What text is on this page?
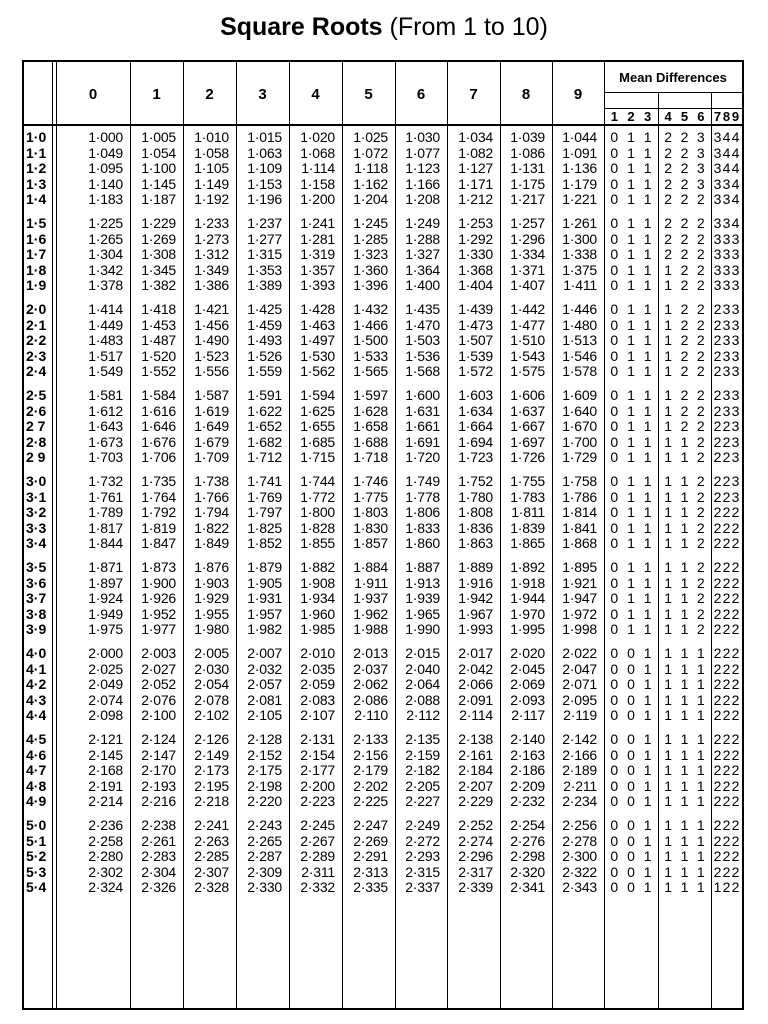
Square Roots (From 1 to 10)
0	1	2	3	4	5	6	7	8	9
Mean Differences
1 2 3	4 5 6 7 8 9
1·0	1·000	1·005	1·010	1·015	1·020	1·025	1·030	1·034	1·039	1·044 0 1 1 2 2 3 3 4 4
1·1	1·049	1·054	1·058	1·063	1·068	1·072	1·077	1·082	1·086	1·091 0 1 1 2 2 3 3 4 4
1·2	1·095	1·100	1·105	1·109	1·114	1·118	1·123	1·127	1·131	1·136 0 1 1 2 2 3 3 4 4
1·3	1·140	1·145	1·149	1·153	1·158	1·162	1·166	1·171	1·175	1·179 0 1 1 2 2 3 3 3 4
1·4	1·183	1·187	1·192	1·196	1·200	1·204	1·208	1·212	1·217	1·221 0 1 1 2 2 2 3 3 4
1·5	1·225	1·229	1·233	1·237	1·241	1·245	1·249	1·253	1·257	1·261 0 1 1 2 2 2 3 3 4
1·6	1·265	1·269	1·273	1·277	1·281	1·285	1·288	1·292	1·296	1·300 0 1 1 2 2 2 3 3 3
1·7	1·304	1·308	1·312	1·315	1·319	1·323	1·327	1·330	1·334	1·338 0 1 1 2 2 2 3 3 3
1·8	1·342	1·345	1·349	1·353	1·357	1·360	1·364	1·368	1·371	1·375 0 1 1 1 2 2 3 3 3
1·9	1·378	1·382	1·386	1·389	1·393	1·396	1·400	1·404	1·407	1·411 0 1 1 1 2 2 3 3 3
2·0	1·414	1·418	1·421	1·425	1·428	1·432	1·435	1·439	1·442	1·446 0 1 1 1 2 2 2 3 3
2·1	1·449	1·453	1·456	1·459	1·463	1·466	1·470	1·473	1·477	1·480 0 1 1 1 2 2 2 3 3
2·2	1·483	1·487	1·490	1·493	1·497	1·500	1·503	1·507	1·510	1·513 0 1 1 1 2 2 2 3 3
2·3	1·517	1·520	1·523	1·526	1·530	1·533	1·536	1·539	1·543	1·546 0 1 1 1 2 2 2 3 3
2·4	1·549	1·552	1·556	1·559	1·562	1·565	1·568	1·572	1·575	1·578 0 1 1 1 2 2 2 3 3
2·5	1·581	1·584	1·587	1·591	1·594	1·597	1·600	1·603	1·606	1·609 0 1 1 1 2 2 2 3 3
2·6	1·612	1·616	1·619	1·622	1·625	1·628	1·631	1·634	1·637	1·640 0 1 1 1 2 2 2 3 3
2 7	1·643	1·646	1·649	1·652	1·655	1·658	1·661	1·664	1·667	1·670 0 1 1 1 2 2 2 2 3
2·8	1·673	1·676	1·679	1·682	1·685	1·688	1·691	1·694	1·697	1·700 0 1 1 1 1 2 2 2 3
2 9	1·703	1·706	1·709	1·712	1·715	1·718	1·720	1·723	1·726	1·729 0 1 1 1 1 2 2 2 3
3·0	1·732	1·735	1·738	1·741	1·744	1·746	1·749	1·752	1·755	1·758 0 1 1 1 1 2 2 2 3
3·1	1·761	1·764	1·766	1·769	1·772	1·775	1·778	1·780	1·783	1·786 0 1 1 1 1 2 2 2 3
3·2	1·789	1·792	1·794	1·797	1·800	1·803	1·806	1·808	1·811	1·814 0 1 1 1 1 2 2 2 2
3·3	1·817	1·819	1·822	1·825	1·828	1·830	1·833	1·836	1·839	1·841 0 1 1 1 1 2 2 2 2
3·4	1·844	1·847	1·849	1·852	1·855	1·857	1·860	1·863	1·865	1·868 0 1 1 1 1 2 2 2 2
3·5	1·871	1·873	1·876	1·879	1·882	1·884	1·887	1·889	1·892	1·895 0 1 1 1 1 2 2 2 2
3·6	1·897	1·900	1·903	1·905	1·908	1·911	1·913	1·916	1·918	1·921 0 1 1 1 1 2 2 2 2
3·7	1·924	1·926	1·929	1·931	1·934	1·937	1·939	1·942	1·944	1·947 0 1 1 1 1 2 2 2 2
3·8	1·949	1·952	1·955	1·957	1·960	1·962	1·965	1·967	1·970	1·972 0 1 1 1 1 2 2 2 2
3·9	1·975	1·977	1·980	1·982	1·985	1·988	1·990	1·993	1·995	1·998 0 1 1 1 1 2 2 2 2
4·0	2·000	2·003	2·005	2·007	2·010	2·013	2·015	2·017	2·020	2·022 0 0 1 1 1 1 2 2 2
4·1	2·025	2·027	2·030	2·032	2·035	2·037	2·040	2·042	2·045	2·047 0 0 1 1 1 1 2 2 2
4·2	2·049	2·052	2·054	2·057	2·059	2·062	2·064	2·066	2·069	2·071 0 0 1 1 1 1 2 2 2
4·3	2·074	2·076	2·078	2·081	2·083	2·086	2·088	2·091	2·093	2·095 0 0 1 1 1 1 2 2 2
4·4	2·098	2·100	2·102	2·105	2·107	2·110	2·112	2·114	2·117	2·119 0 0 1 1 1 1 2 2 2
4·5	2·121	2·124	2·126	2·128	2·131	2·133	2·135	2·138	2·140	2·142 0 0 1 1 1 1 2 2 2
4·6	2·145	2·147	2·149	2·152	2·154	2·156	2·159	2·161	2·163	2·166 0 0 1 1 1 1 2 2 2
4·7	2·168	2·170	2·173	2·175	2·177	2·179	2·182	2·184	2·186	2·189 0 0 1 1 1 1 2 2 2
4·8	2·191	2·193	2·195	2·198	2·200	2·202	2·205	2·207	2·209	2·211 0 0 1 1 1 1 2 2 2
4·9	2·214	2·216	2·218	2·220	2·223	2·225	2·227	2·229	2·232	2·234 0 0 1 1 1 1 2 2 2
5·0	2·236	2·238	2·241	2·243	2·245	2·247	2·249	2·252	2·254	2·256 0 0 1 1 1 1 2 2 2
5·1	2·258	2·261	2·263	2·265	2·267	2·269	2·272	2·274	2·276	2·278 0 0 1 1 1 1 2 2 2
5·2	2·280	2·283	2·285	2·287	2·289	2·291	2·293	2·296	2·298	2·300 0 0 1 1 1 1 2 2 2
5·3	2·302	2·304	2·307	2·309	2·311	2·313	2·315	2·317	2·320	2·322 0 0 1 1 1 1 2 2 2
5·4	2·324	2·326	2·328	2·330	2·332	2·335	2·337	2·339	2·341	2·343 0 0 1 1 1 1 1 2 2
